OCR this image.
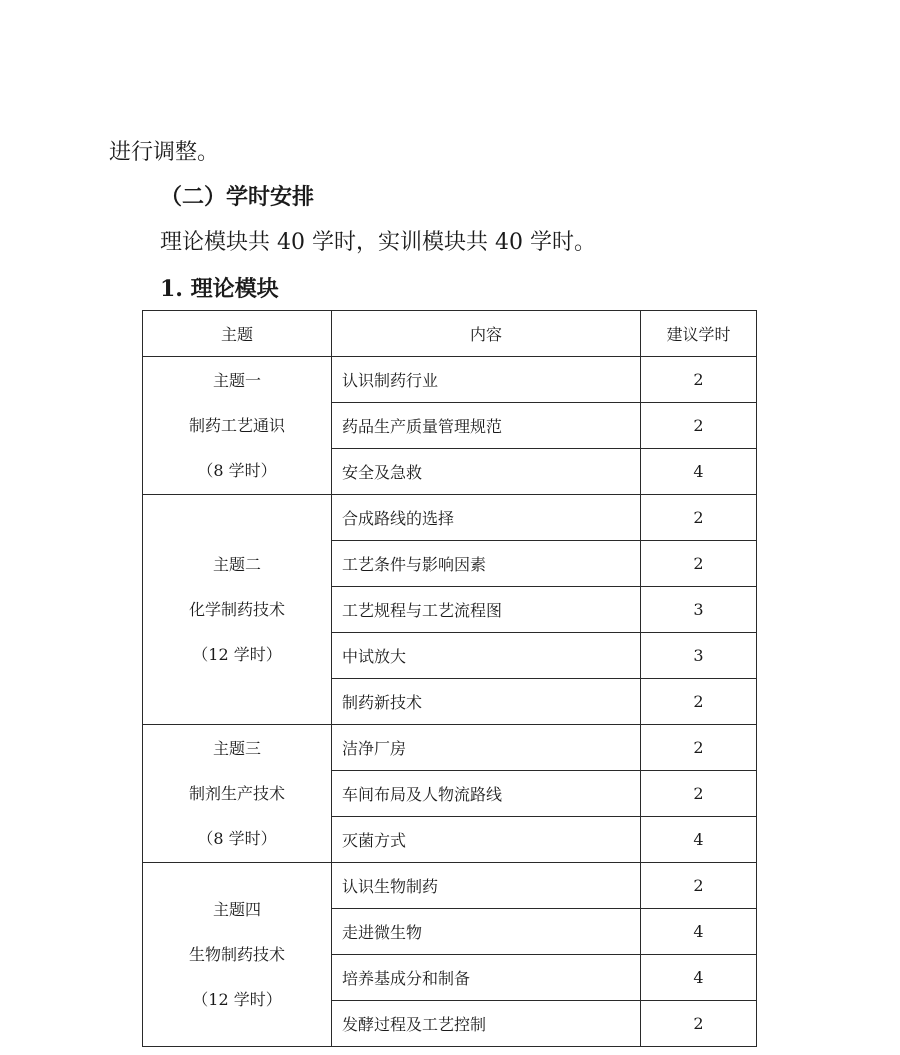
进行调整。

（二）学时安排

理论模块共 40 学时，实训模块共 40 学时。

1. 理论模块

主题	内容	建议学时

主题一
制药工艺通识
（8 学时）	认识制药行业	2
	药品生产质量管理规范	2
	安全及急救	4

主题二
化学制药技术
（12 学时）	合成路线的选择	2
	工艺条件与影响因素	2
	工艺规程与工艺流程图	3
	中试放大	3
	制药新技术	2

主题三
制剂生产技术
（8 学时）	洁净厂房	2
	车间布局及人物流路线	2
	灭菌方式	4

主题四
生物制药技术
（12 学时）	认识生物制药	2
	走进微生物	4
	培养基成分和制备	4
	发酵过程及工艺控制	2
